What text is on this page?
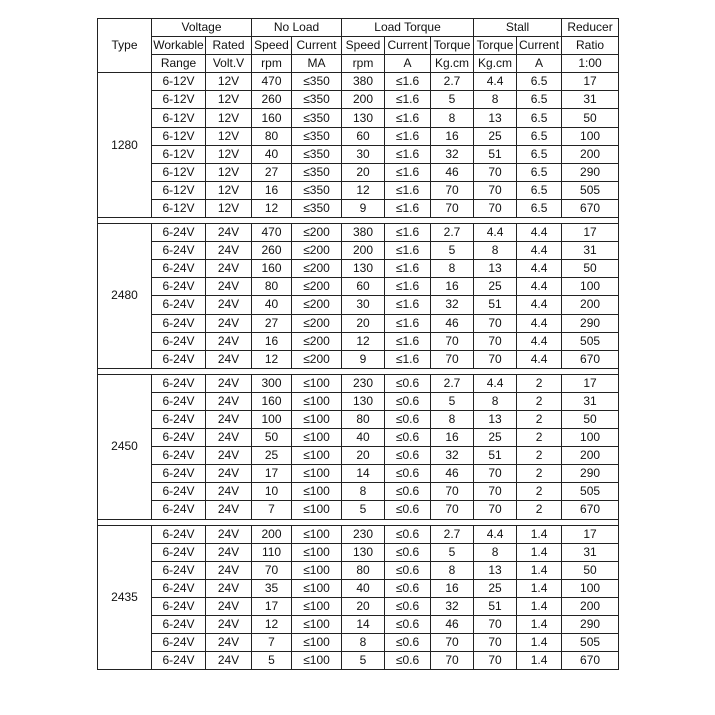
Type	Voltage		No Load		Load Torque			Stall		Reducer
	Workable	Rated	Speed	Current	Speed	Current	Torque	Torque	Current	Ratio
	Range	Volt.V	rpm	MA	rpm	A	Kg.cm	Kg.cm	A	1:00
1280	6-12V	12V	470	≤350	380	≤1.6	2.7	4.4	6.5	17
	6-12V	12V	260	≤350	200	≤1.6	5	8	6.5	31
	6-12V	12V	160	≤350	130	≤1.6	8	13	6.5	50
	6-12V	12V	80	≤350	60	≤1.6	16	25	6.5	100
	6-12V	12V	40	≤350	30	≤1.6	32	51	6.5	200
	6-12V	12V	27	≤350	20	≤1.6	46	70	6.5	290
	6-12V	12V	16	≤350	12	≤1.6	70	70	6.5	505
	6-12V	12V	12	≤350	9	≤1.6	70	70	6.5	670

2480	6-24V	24V	470	≤200	380	≤1.6	2.7	4.4	4.4	17
	6-24V	24V	260	≤200	200	≤1.6	5	8	4.4	31
	6-24V	24V	160	≤200	130	≤1.6	8	13	4.4	50
	6-24V	24V	80	≤200	60	≤1.6	16	25	4.4	100
	6-24V	24V	40	≤200	30	≤1.6	32	51	4.4	200
	6-24V	24V	27	≤200	20	≤1.6	46	70	4.4	290
	6-24V	24V	16	≤200	12	≤1.6	70	70	4.4	505
	6-24V	24V	12	≤200	9	≤1.6	70	70	4.4	670

2450	6-24V	24V	300	≤100	230	≤0.6	2.7	4.4	2	17
	6-24V	24V	160	≤100	130	≤0.6	5	8	2	31
	6-24V	24V	100	≤100	80	≤0.6	8	13	2	50
	6-24V	24V	50	≤100	40	≤0.6	16	25	2	100
	6-24V	24V	25	≤100	20	≤0.6	32	51	2	200
	6-24V	24V	17	≤100	14	≤0.6	46	70	2	290
	6-24V	24V	10	≤100	8	≤0.6	70	70	2	505
	6-24V	24V	7	≤100	5	≤0.6	70	70	2	670

2435	6-24V	24V	200	≤100	230	≤0.6	2.7	4.4	1.4	17
	6-24V	24V	110	≤100	130	≤0.6	5	8	1.4	31
	6-24V	24V	70	≤100	80	≤0.6	8	13	1.4	50
	6-24V	24V	35	≤100	40	≤0.6	16	25	1.4	100
	6-24V	24V	17	≤100	20	≤0.6	32	51	1.4	200
	6-24V	24V	12	≤100	14	≤0.6	46	70	1.4	290
	6-24V	24V	7	≤100	8	≤0.6	70	70	1.4	505
	6-24V	24V	5	≤100	5	≤0.6	70	70	1.4	670
